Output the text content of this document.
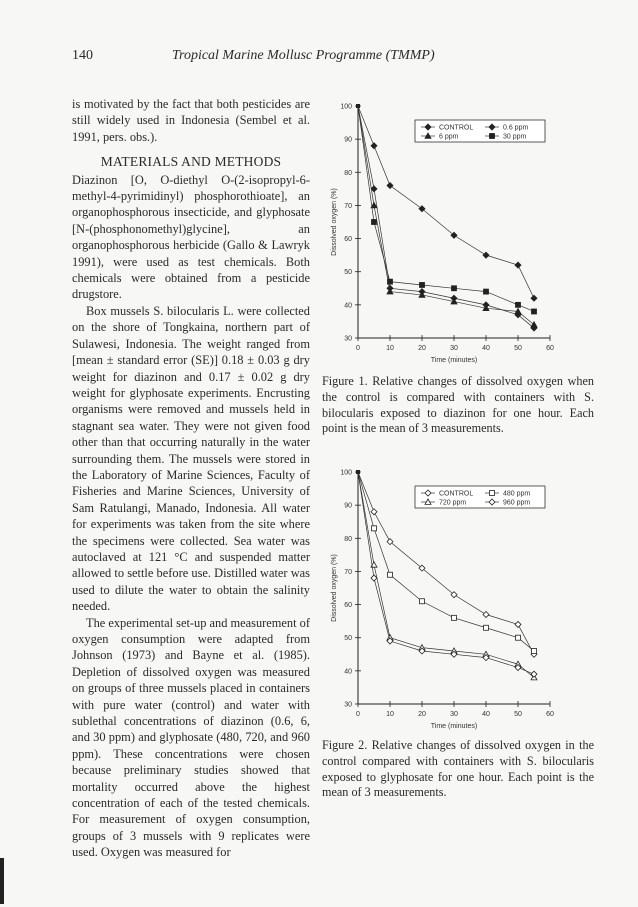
140	Tropical Marine Mollusc Programme (TMMP)

is motivated by the fact that both pesticides are still widely used in Indonesia (Sembel et al. 1991, pers. obs.).

MATERIALS AND METHODS

Diazinon [O, O-diethyl O-(2-isopropyl-6-methyl-4-pyrimidinyl) phosphorothioate], an organophosphorous insecticide, and glyphosate [N-(phosphonomethyl)glycine], an organophosphorous herbicide (Gallo & Lawryk 1991), were used as test chemicals. Both chemicals were obtained from a pesticide drugstore.

Box mussels S. bilocularis L. were collected on the shore of Tongkaina, northern part of Sulawesi, Indonesia. The weight ranged from [mean ± standard error (SE)] 0.18 ± 0.03 g dry weight for diazinon and 0.17 ± 0.02 g dry weight for glyphosate experiments. Encrusting organisms were removed and mussels held in stagnant sea water. They were not given food other than that occurring naturally in the water surrounding them. The mussels were stored in the Laboratory of Marine Sciences, Faculty of Fisheries and Marine Sciences, University of Sam Ratulangi, Manado, Indonesia. All water for experiments was taken from the site where the specimens were collected. Sea water was autoclaved at 121 °C and suspended matter allowed to settle before use. Distilled water was used to dilute the water to obtain the salinity needed.

The experimental set-up and measurement of oxygen consumption were adapted from Johnson (1973) and Bayne et al. (1985). Depletion of dissolved oxygen was measured on groups of three mussels placed in containers with pure water (control) and water with sublethal concentrations of diazinon (0.6, 6, and 30 ppm) and glyphosate (480, 720, and 960 ppm). These concentrations were chosen because preliminary studies showed that mortality occurred above the highest concentration of each of the tested chemicals. For measurement of oxygen consumption, groups of 3 mussels with 9 replicates were used. Oxygen was measured for

30
40
50
60
70
80
90
100
0	10	20	30	40	50	60
Time (minutes)
Dissolved oxygen (%)
CONTROL	0.6 ppm
6 ppm	30 ppm

Figure 1. Relative changes of dissolved oxygen when the control is compared with containers with S. bilocularis exposed to diazinon for one hour. Each point is the mean of 3 measurements.

30
40
50
60
70
80
90
100
0	10	20	30	40	50	60
Time (minutes)
Dissolved oxygen (%)
CONTROL	480 ppm
720 ppm	960 ppm

Figure 2. Relative changes of dissolved oxygen in the control compared with containers with S. bilocularis exposed to glyphosate for one hour. Each point is the mean of 3 measurements.
